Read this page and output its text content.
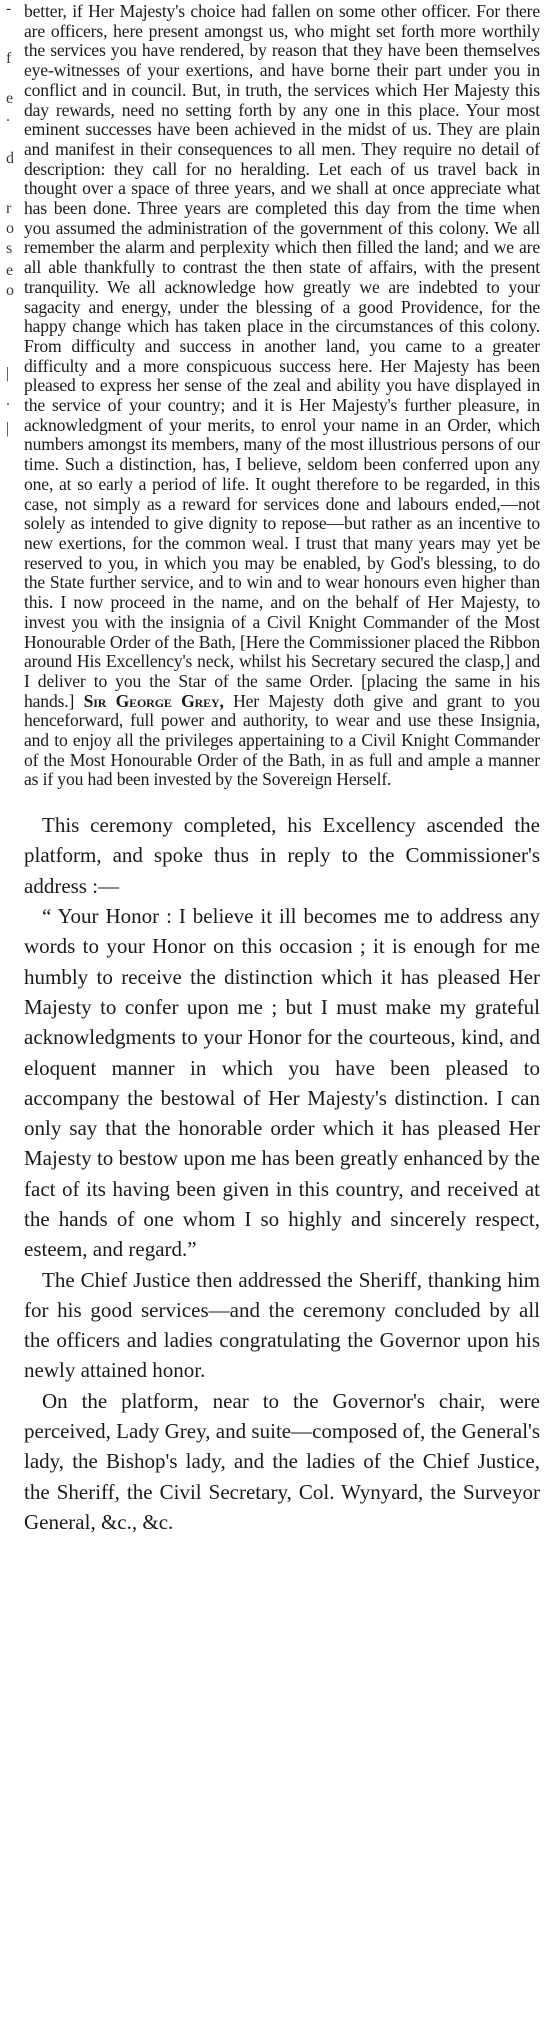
-
f
e
.
d
r
o
s
e
o
|
.
|

better, if Her Majesty's choice had fallen on some other officer. For there are officers, here present amongst us, who might set forth more worthily the services you have rendered, by reason that they have been themselves eye-witnesses of your exertions, and have borne their part under you in conflict and in council. But, in truth, the services which Her Majesty this day rewards, need no setting forth by any one in this place. Your most eminent successes have been achieved in the midst of us. They are plain and manifest in their consequences to all men. They require no detail of description: they call for no heralding. Let each of us travel back in thought over a space of three years, and we shall at once appreciate what has been done. Three years are completed this day from the time when you assumed the administration of the government of this colony. We all remember the alarm and perplexity which then filled the land; and we are all able thankfully to contrast the then state of affairs, with the present tranquility. We all acknowledge how greatly we are indebted to your sagacity and energy, under the blessing of a good Providence, for the happy change which has taken place in the circumstances of this colony. From difficulty and success in another land, you came to a greater difficulty and a more conspicuous success here. Her Majesty has been pleased to express her sense of the zeal and ability you have displayed in the service of your country; and it is Her Majesty's further pleasure, in acknowledgment of your merits, to enrol your name in an Order, which numbers amongst its members, many of the most illustrious persons of our time. Such a distinction, has, I believe, seldom been conferred upon any one, at so early a period of life. It ought therefore to be regarded, in this case, not simply as a reward for services done and labours ended,—not solely as intended to give dignity to repose—but rather as an incentive to new exertions, for the common weal. I trust that many years may yet be reserved to you, in which you may be enabled, by God's blessing, to do the State further service, and to win and to wear honours even higher than this. I now proceed in the name, and on the behalf of Her Majesty, to invest you with the insignia of a Civil Knight Commander of the Most Honourable Order of the Bath, [Here the Commissioner placed the Ribbon around His Excellency's neck, whilst his Secretary secured the clasp,] and I deliver to you the Star of the same Order. [placing the same in his hands.] Sir George Grey, Her Majesty doth give and grant to you henceforward, full power and authority, to wear and use these Insignia, and to enjoy all the privileges appertaining to a Civil Knight Commander of the Most Honourable Order of the Bath, in as full and ample a manner as if you had been invested by the Sovereign Herself.

This ceremony completed, his Excellency ascended the platform, and spoke thus in reply to the Commissioner's address :—

“ Your Honor : I believe it ill becomes me to address any words to your Honor on this occasion ; it is enough for me humbly to receive the distinction which it has pleased Her Majesty to confer upon me ; but I must make my grateful acknowledgments to your Honor for the courteous, kind, and eloquent manner in which you have been pleased to accompany the bestowal of Her Majesty's distinction. I can only say that the honorable order which it has pleased Her Majesty to bestow upon me has been greatly enhanced by the fact of its having been given in this country, and received at the hands of one whom I so highly and sincerely respect, esteem, and regard.”

The Chief Justice then addressed the Sheriff, thanking him for his good services—and the ceremony concluded by all the officers and ladies congratulating the Governor upon his newly attained honor.

On the platform, near to the Governor's chair, were perceived, Lady Grey, and suite—composed of, the General's lady, the Bishop's lady, and the ladies of the Chief Justice, the Sheriff, the Civil Secretary, Col. Wynyard, the Surveyor General, &c., &c.
